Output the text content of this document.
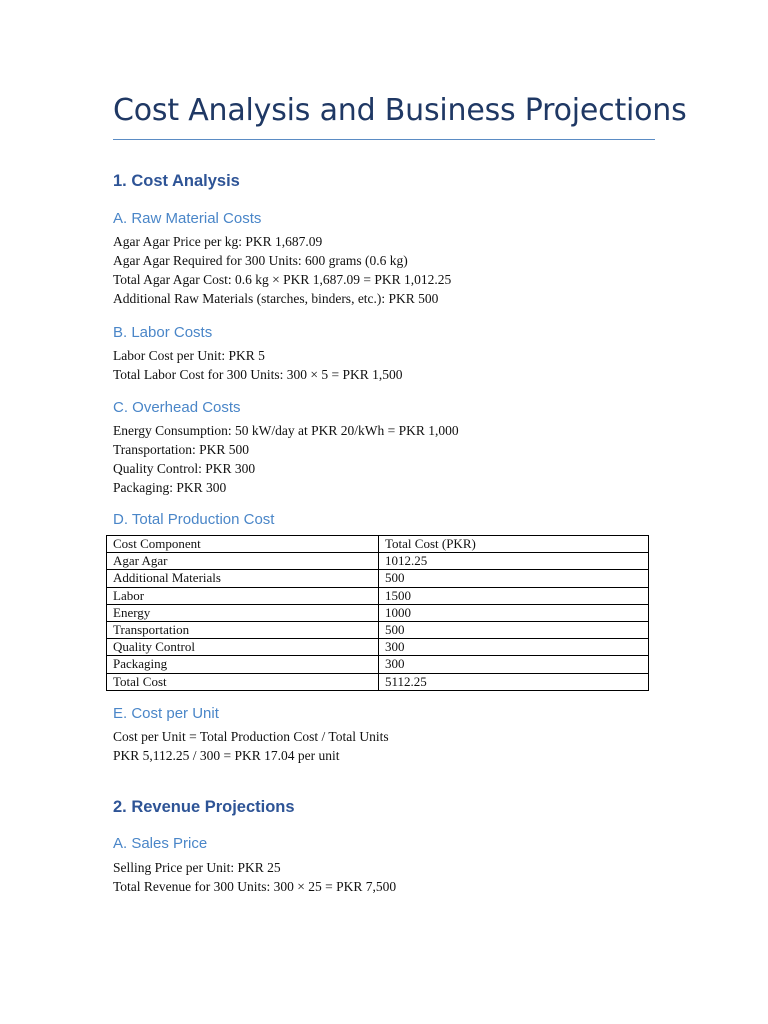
Cost Analysis and Business Projections
1. Cost Analysis
A. Raw Material Costs
Agar Agar Price per kg: PKR 1,687.09
Agar Agar Required for 300 Units: 600 grams (0.6 kg)
Total Agar Agar Cost: 0.6 kg × PKR 1,687.09 = PKR 1,012.25
Additional Raw Materials (starches, binders, etc.): PKR 500
B. Labor Costs
Labor Cost per Unit: PKR 5
Total Labor Cost for 300 Units: 300 × 5 = PKR 1,500
C. Overhead Costs
Energy Consumption: 50 kW/day at PKR 20/kWh = PKR 1,000
Transportation: PKR 500
Quality Control: PKR 300
Packaging: PKR 300
D. Total Production Cost
Cost Component	Total Cost (PKR)
Agar Agar	1012.25
Additional Materials	500
Labor	1500
Energy	1000
Transportation	500
Quality Control	300
Packaging	300
Total Cost	5112.25
E. Cost per Unit
Cost per Unit = Total Production Cost / Total Units
PKR 5,112.25 / 300 = PKR 17.04 per unit
2. Revenue Projections
A. Sales Price
Selling Price per Unit: PKR 25
Total Revenue for 300 Units: 300 × 25 = PKR 7,500
